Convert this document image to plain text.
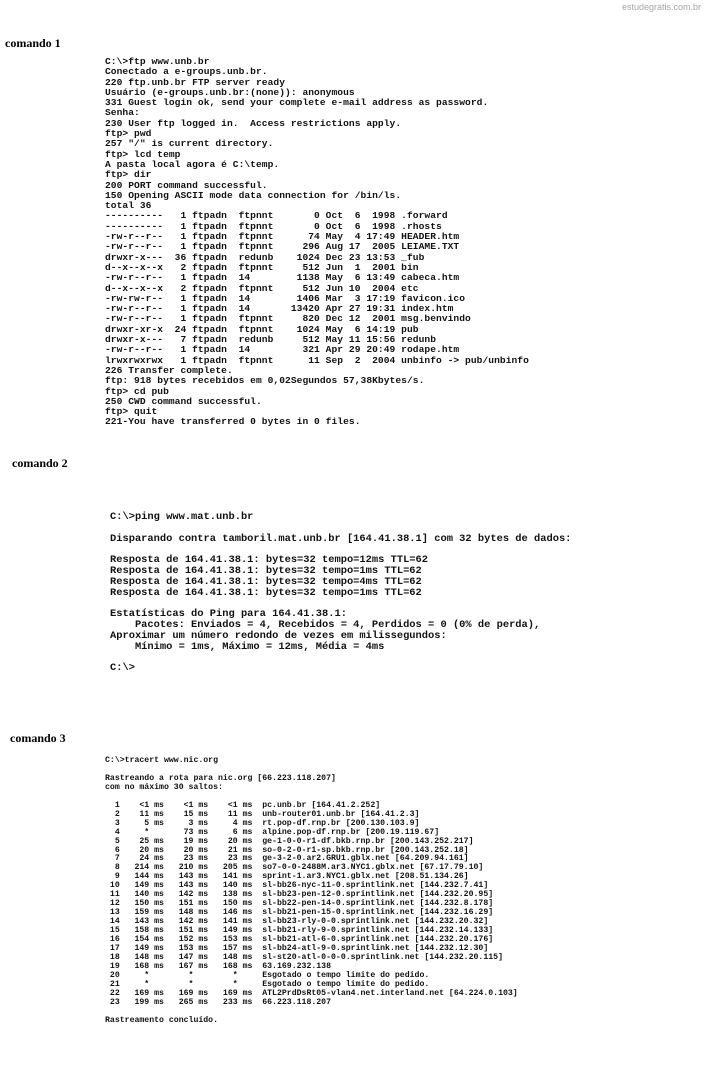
estudegratis.com.br
comando 1
C:\>ftp www.unb.br
Conectado a e-groups.unb.br.
220 ftp.unb.br FTP server ready
Usuário (e-groups.unb.br:(none)): anonymous
331 Guest login ok, send your complete e-mail address as password.
Senha:
230 User ftp logged in.  Access restrictions apply.
ftp> pwd
257 "/" is current directory.
ftp> lcd temp
A pasta local agora é C:\temp.
ftp> dir
200 PORT command successful.
150 Opening ASCII mode data connection for /bin/ls.
total 36
----------   1 ftpadn  ftpnnt       0 Oct  6  1998 .forward
----------   1 ftpadn  ftpnnt       0 Oct  6  1998 .rhosts
-rw-r--r--   1 ftpadn  ftpnnt      74 May  4 17:49 HEADER.htm
-rw-r--r--   1 ftpadn  ftpnnt     296 Aug 17  2005 LEIAME.TXT
drwxr-x---  36 ftpadn  redunb    1024 Dec 23 13:53 _fub
d--x--x--x   2 ftpadn  ftpnnt     512 Jun  1  2001 bin
-rw-r--r--   1 ftpadn  14        1138 May  6 13:49 cabeca.htm
d--x--x--x   2 ftpadn  ftpnnt     512 Jun 10  2004 etc
-rw-rw-r--   1 ftpadn  14        1406 Mar  3 17:19 favicon.ico
-rw-r--r--   1 ftpadn  14       13420 Apr 27 19:31 index.htm
-rw-r--r--   1 ftpadn  ftpnnt     820 Dec 12  2001 msg.benvindo
drwxr-xr-x  24 ftpadn  ftpnnt    1024 May  6 14:19 pub
drwxr-x---   7 ftpadn  redunb     512 May 11 15:56 redunb
-rw-r--r--   1 ftpadn  14         321 Apr 29 20:49 rodape.htm
lrwxrwxrwx   1 ftpadn  ftpnnt      11 Sep  2  2004 unbinfo -> pub/unbinfo
226 Transfer complete.
ftp: 918 bytes recebidos em 0,02Segundos 57,38Kbytes/s.
ftp> cd pub
250 CWD command successful.
ftp> quit
221-You have transferred 0 bytes in 0 files.
comando 2
C:\>ping www.mat.unb.br

Disparando contra tamboril.mat.unb.br [164.41.38.1] com 32 bytes de dados:

Resposta de 164.41.38.1: bytes=32 tempo=12ms TTL=62
Resposta de 164.41.38.1: bytes=32 tempo=1ms TTL=62
Resposta de 164.41.38.1: bytes=32 tempo=4ms TTL=62
Resposta de 164.41.38.1: bytes=32 tempo=1ms TTL=62

Estatísticas do Ping para 164.41.38.1:
Pacotes: Enviados = 4, Recebidos = 4, Perdidos = 0 (0% de perda),
Aproximar um número redondo de vezes em milissegundos:
Mínimo = 1ms, Máximo = 12ms, Média = 4ms

C:\>
comando 3
C:\>tracert www.nic.org

Rastreando a rota para nic.org [66.223.118.207]
com no máximo 30 saltos:

1    <1 ms    <1 ms    <1 ms  pc.unb.br [164.41.2.252]
2    11 ms    15 ms    11 ms  unb-router01.unb.br [164.41.2.3]
3     5 ms     3 ms     4 ms  rt.pop-df.rnp.br [200.130.103.9]
4     *       73 ms     6 ms  alpine.pop-df.rnp.br [200.19.119.67]
5    25 ms    19 ms    20 ms  ge-1-0-0-r1-df.bkb.rnp.br [200.143.252.217]
6    20 ms    20 ms    21 ms  so-0-2-0-r1-sp.bkb.rnp.br [200.143.252.18]
7    24 ms    23 ms    23 ms  ge-3-2-0.ar2.GRU1.gblx.net [64.209.94.161]
8   214 ms   210 ms   205 ms  so7-0-0-2488M.ar3.NYC1.gblx.net [67.17.79.10]
9   144 ms   143 ms   141 ms  sprint-1.ar3.NYC1.gblx.net [208.51.134.26]
10   149 ms   143 ms   140 ms  sl-bb26-nyc-11-0.sprintlink.net [144.232.7.41]
11   140 ms   142 ms   138 ms  sl-bb23-pen-12-0.sprintlink.net [144.232.20.95]
12   150 ms   151 ms   150 ms  sl-bb22-pen-14-0.sprintlink.net [144.232.8.178]
13   159 ms   148 ms   146 ms  sl-bb21-pen-15-0.sprintlink.net [144.232.16.29]
14   143 ms   142 ms   141 ms  sl-bb23-rly-0-0.sprintlink.net [144.232.20.32]
15   158 ms   151 ms   149 ms  sl-bb21-rly-9-0.sprintlink.net [144.232.14.133]
16   154 ms   152 ms   153 ms  sl-bb21-atl-6-0.sprintlink.net [144.232.20.176]
17   149 ms   153 ms   157 ms  sl-bb24-atl-9-0.sprintlink.net [144.232.12.30]
18   148 ms   147 ms   148 ms  sl-st20-atl-0-0-0.sprintlink.net [144.232.20.115]
19   168 ms   167 ms   168 ms  63.169.232.138
20     *        *        *     Esgotado o tempo limite do pedido.
21     *        *        *     Esgotado o tempo limite do pedido.
22   169 ms   169 ms   169 ms  ATL2PrdDsRt05-vlan4.net.interland.net [64.224.0.103]
23   199 ms   265 ms   233 ms  66.223.118.207

Rastreamento concluído.
